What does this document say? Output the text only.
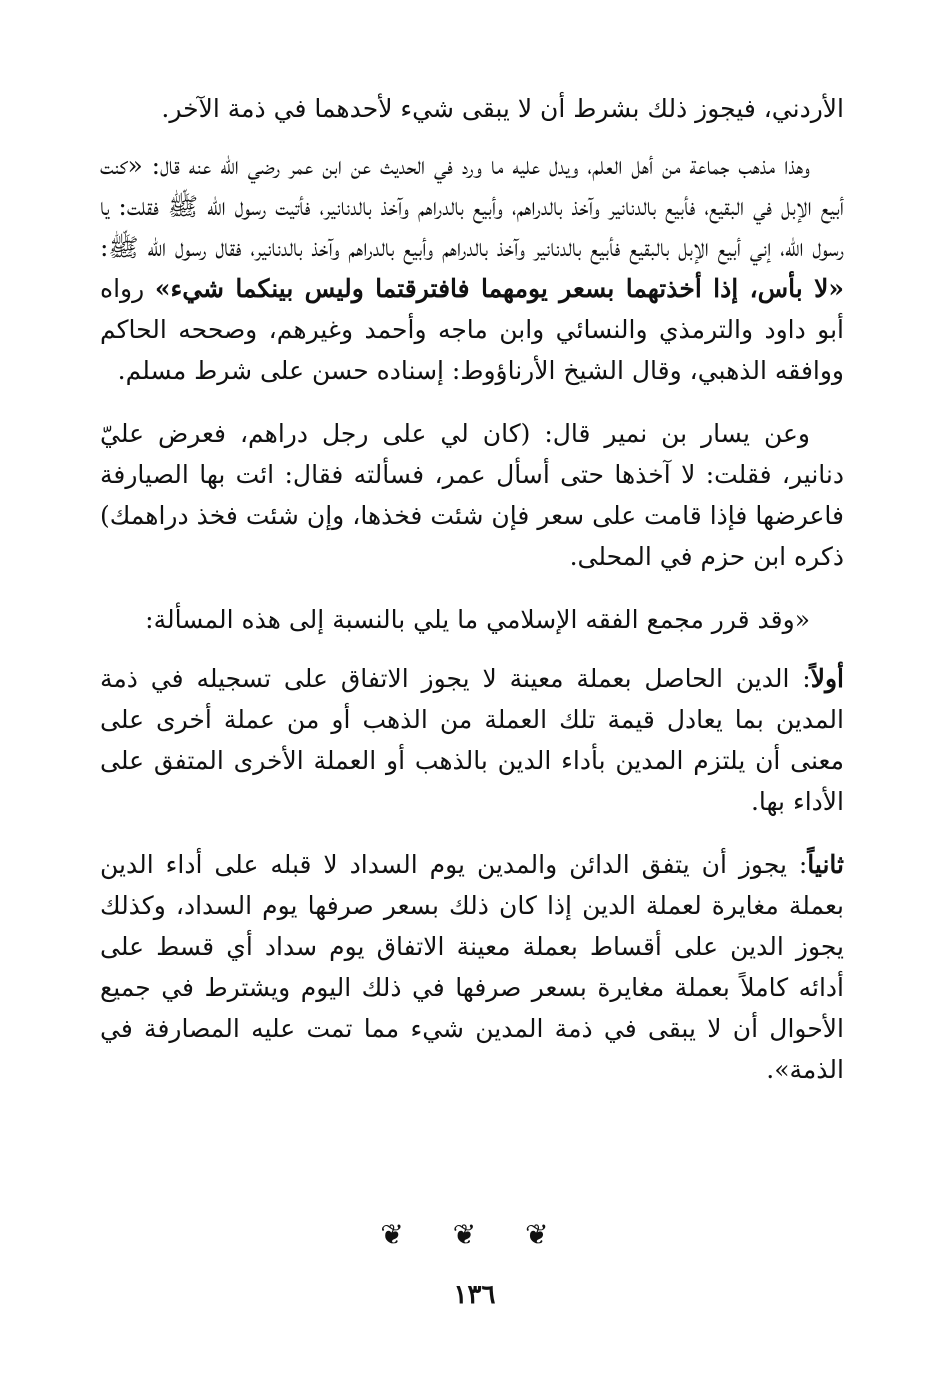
الأردني، فيجوز ذلك بشرط أن لا يبقى شيء لأحدهما في ذمة الآخر.

وهذا مذهب جماعة من أهل العلم، ويدل عليه ما ورد في الحديث عن ابن عمر رضي الله عنه قال: «كنت أبيع الإبل في البقيع، فأبيع بالدنانير وآخذ بالدراهم، وأبيع بالدراهم وآخذ بالدنانير، فأتيت رسول الله ﷺ فقلت: يا رسول الله، إني أبيع الإبل بالبقيع فأبيع بالدنانير وآخذ بالدراهم وأبيع بالدراهم وآخذ بالدنانير، فقال رسول الله ﷺ: «لا بأس، إذا أخذتهما بسعر يومهما فافترقتما وليس بينكما شيء» رواه أبو داود والترمذي والنسائي وابن ماجه وأحمد وغيرهم، وصححه الحاكم ووافقه الذهبي، وقال الشيخ الأرناؤوط: إسناده حسن على شرط مسلم.

وعن يسار بن نمير قال: (كان لي على رجل دراهم، فعرض عليّ دنانير، فقلت: لا آخذها حتى أسأل عمر، فسألته فقال: ائت بها الصيارفة فاعرضها فإذا قامت على سعر فإن شئت فخذها، وإن شئت فخذ دراهمك) ذكره ابن حزم في المحلى.

«وقد قرر مجمع الفقه الإسلامي ما يلي بالنسبة إلى هذه المسألة:

أولاً: الدين الحاصل بعملة معينة لا يجوز الاتفاق على تسجيله في ذمة المدين بما يعادل قيمة تلك العملة من الذهب أو من عملة أخرى على معنى أن يلتزم المدين بأداء الدين بالذهب أو العملة الأخرى المتفق على الأداء بها.

ثانياً: يجوز أن يتفق الدائن والمدين يوم السداد لا قبله على أداء الدين بعملة مغايرة لعملة الدين إذا كان ذلك بسعر صرفها يوم السداد، وكذلك يجوز الدين على أقساط بعملة معينة الاتفاق يوم سداد أي قسط على أدائه كاملاً بعملة مغايرة بسعر صرفها في ذلك اليوم ويشترط في جميع الأحوال أن لا يبقى في ذمة المدين شيء مما تمت عليه المصارفة في الذمة».

❦ ❦ ❦
١٣٦
